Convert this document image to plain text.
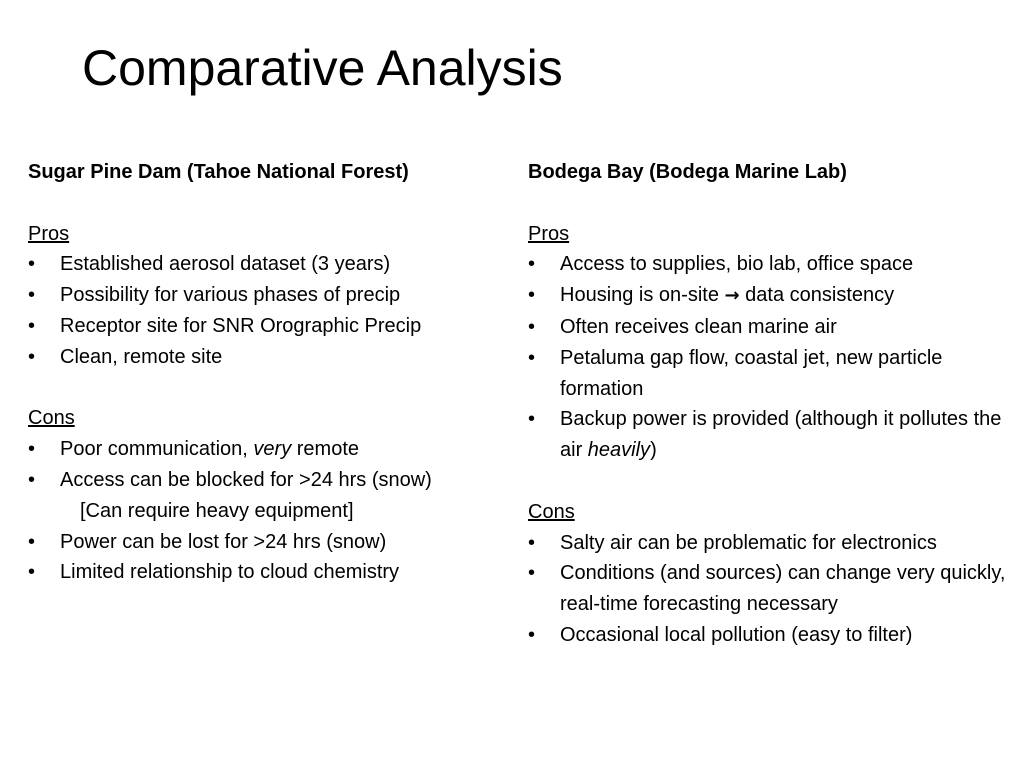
Comparative Analysis
Sugar Pine Dam (Tahoe National Forest)
Pros
•	Established aerosol dataset (3 years)
•	Possibility for various phases of precip
•	Receptor site for SNR Orographic Precip
•	Clean, remote site
Cons
•	Poor communication, very remote
•	Access can be blocked for >24 hrs (snow)
[Can require heavy equipment]
•	Power can be lost for >24 hrs (snow)
•	Limited relationship to cloud chemistry
Bodega Bay (Bodega Marine Lab)
Pros
•	Access to supplies, bio lab, office space
•	Housing is on-site → data consistency
•	Often receives clean marine air
•	Petaluma gap flow, coastal jet, new particle formation
•	Backup power is provided (although it pollutes the air heavily)
Cons
•	Salty air can be problematic for electronics
•	Conditions (and sources) can change very quickly, real-time forecasting necessary
•	Occasional local pollution (easy to filter)
